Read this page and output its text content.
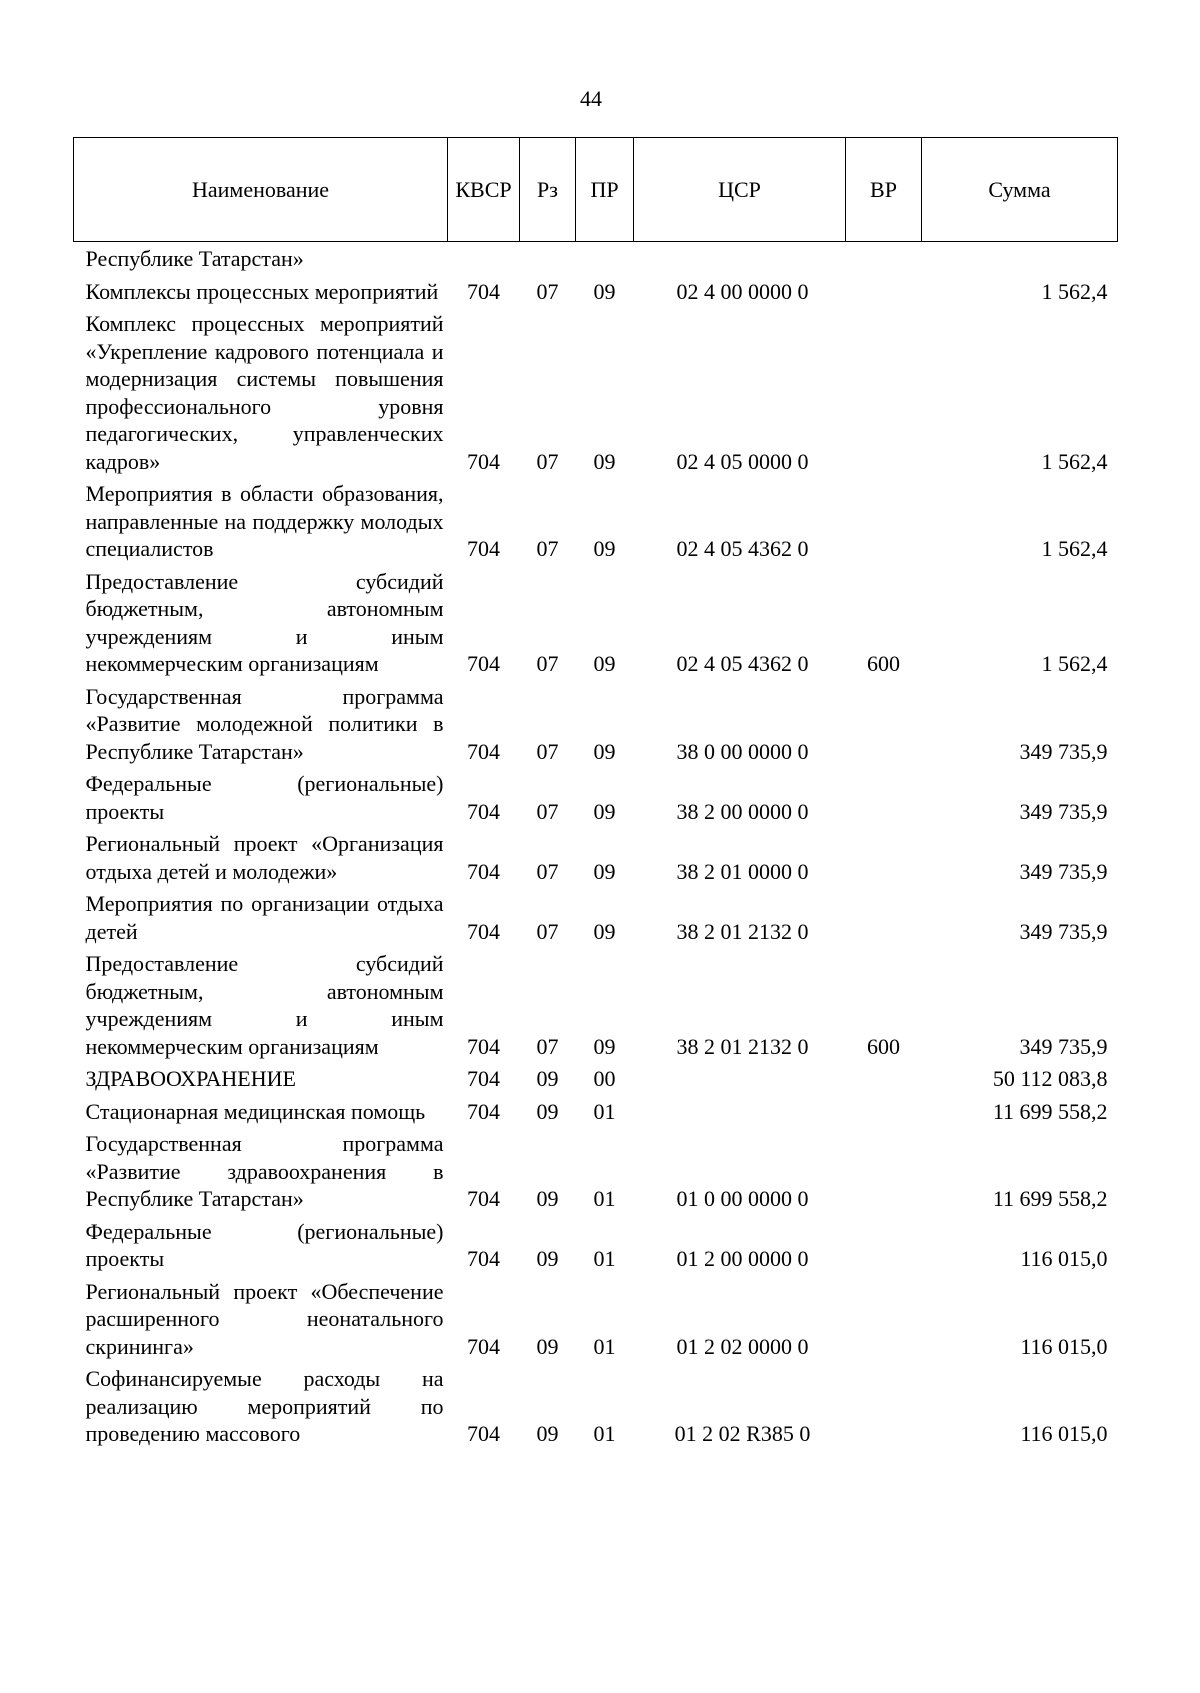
44
Наименование	КВСР	Рз	ПР	ЦСР	ВР	Сумма
Республике Татарстан»						
Комплексы процессных мероприятий	704	07	09	02 4 00 0000 0		1 562,4
Комплекс процессных мероприятий «Укрепление кадрового потенциала и модернизация системы повышения профессионального уровня педагогических, управленческих кадров»	704	07	09	02 4 05 0000 0		1 562,4
Мероприятия в области образования, направленные на поддержку молодых специалистов	704	07	09	02 4 05 4362 0		1 562,4
Предоставление субсидий бюджетным, автономным учреждениям и иным некоммерческим организациям	704	07	09	02 4 05 4362 0	600	1 562,4
Государственная программа «Развитие молодежной политики в Республике Татарстан»	704	07	09	38 0 00 0000 0		349 735,9
Федеральные (региональные) проекты	704	07	09	38 2 00 0000 0		349 735,9
Региональный проект «Организация отдыха детей и молодежи»	704	07	09	38 2 01 0000 0		349 735,9
Мероприятия по организации отдыха детей	704	07	09	38 2 01 2132 0		349 735,9
Предоставление субсидий бюджетным, автономным учреждениям и иным некоммерческим организациям	704	07	09	38 2 01 2132 0	600	349 735,9
ЗДРАВООХРАНЕНИЕ	704	09	00			50 112 083,8
Стационарная медицинская помощь	704	09	01			11 699 558,2
Государственная программа «Развитие здравоохранения в Республике Татарстан»	704	09	01	01 0 00 0000 0		11 699 558,2
Федеральные (региональные) проекты	704	09	01	01 2 00 0000 0		116 015,0
Региональный проект «Обеспечение расширенного неонатального скрининга»	704	09	01	01 2 02 0000 0		116 015,0
Софинансируемые расходы на реализацию мероприятий по проведению массового	704	09	01	01 2 02 R385 0		116 015,0
